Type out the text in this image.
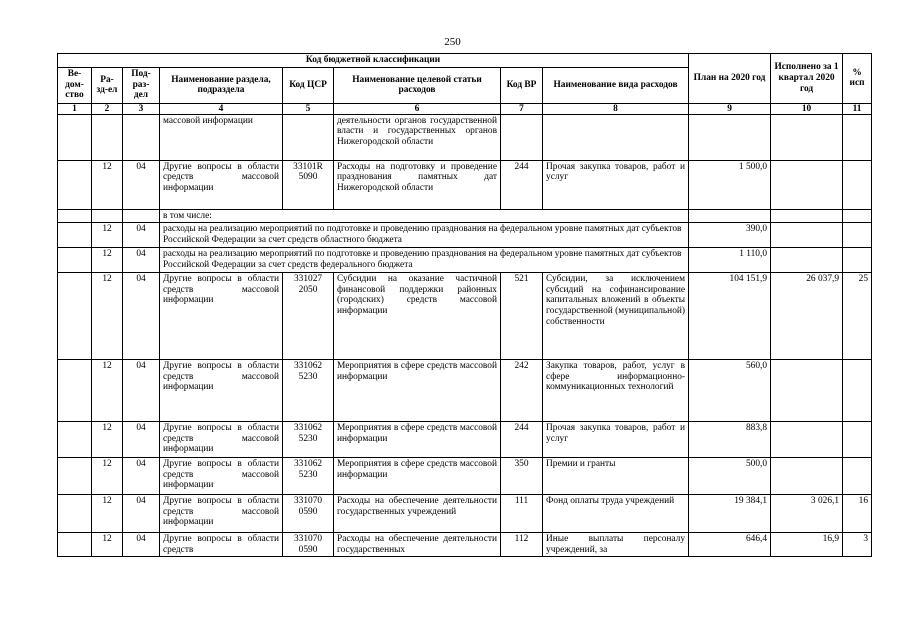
250
Код бюджетной классификации								План на 2020 год	Исполнено за 1 квартал 2020 год	% исп
Ве-дом-ство	Ра-зд-ел	Под-раз-дел	Наименование раздела, подраздела	Код ЦСР	Наименование целевой статьи расходов	Код ВР	Наименование вида расходов			
1	2	3	4	5	6	7	8	9	10	11
			массовой информации		деятельности органов государственной власти и государственных органов Нижегородской области					
	12	04	Другие вопросы в области средств массовой информации	33101R 5090	Расходы на подготовку и проведение празднования памятных дат Нижегородской области	244	Прочая закупка товаров, работ и услуг	1 500,0		
			в том числе:							
	12	04	расходы на реализацию мероприятий по подготовке и проведению празднования на федеральном уровне памятных дат субъектов Российской Федерации за счет средств областного бюджета					390,0		
	12	04	расходы на реализацию мероприятий по подготовке и проведению празднования на федеральном уровне памятных дат субъектов Российской Федерации за счет средств федерального бюджета					1 110,0		
	12	04	Другие вопросы в области средств массовой информации	331027 2050	Субсидии на оказание частичной финансовой поддержки районных (городских) средств массовой информации	521	Субсидии, за исключением субсидий на софинансирование капитальных вложений в объекты государственной (муниципальной) собственности	104 151,9	26 037,9	25
	12	04	Другие вопросы в области средств массовой информации	331062 5230	Мероприятия в сфере средств массовой информации	242	Закупка товаров, работ, услуг в сфере информационно-коммуникационных технологий	560,0		
	12	04	Другие вопросы в области средств массовой информации	331062 5230	Мероприятия в сфере средств массовой информации	244	Прочая закупка товаров, работ и услуг	883,8		
	12	04	Другие вопросы в области средств массовой информации	331062 5230	Мероприятия в сфере средств массовой информации	350	Премии и гранты	500,0		
	12	04	Другие вопросы в области средств массовой информации	331070 0590	Расходы на обеспечение деятельности государственных учреждений	111	Фонд оплаты труда учреждений	19 384,1	3 026,1	16
	12	04	Другие вопросы в области средств	331070 0590	Расходы на обеспечение деятельности государственных	112	Иные выплаты персоналу учреждений, за	646,4	16,9	3
